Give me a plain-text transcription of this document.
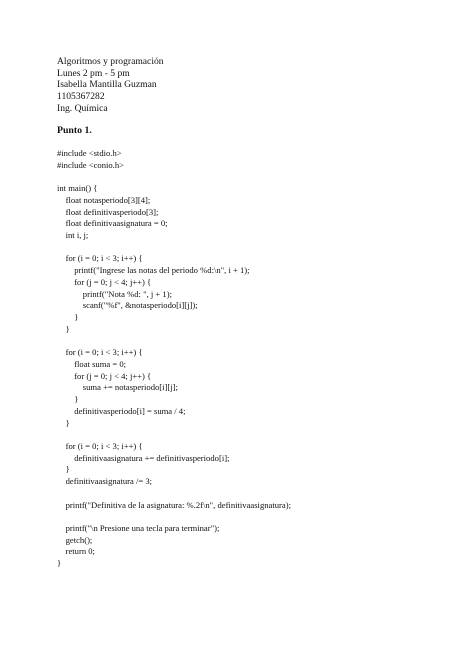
Algoritmos y programación
Lunes 2 pm - 5 pm
Isabella Mantilla Guzman
1105367282
Ing. Química
Punto 1.
#include <stdio.h>
#include <conio.h>
int main() {
float notasperiodo[3][4];
float definitivasperiodo[3];
float definitivaasignatura = 0;
int i, j;
for (i = 0; i < 3; i++) {
printf("Ingrese las notas del periodo %d:\n", i + 1);
for (j = 0; j < 4; j++) {
printf("Nota %d: ", j + 1);
scanf("%f", &notasperiodo[i][j]);
}
}
for (i = 0; i < 3; i++) {
float suma = 0;
for (j = 0; j < 4; j++) {
suma += notasperiodo[i][j];
}
definitivasperiodo[i] = suma / 4;
}
for (i = 0; i < 3; i++) {
definitivaasignatura += definitivasperiodo[i];
}
definitivaasignatura /= 3;
printf("Definitiva de la asignatura: %.2f\n", definitivaasignatura);
printf("\n Presione una tecla para terminar");
getch();
return 0;
}
